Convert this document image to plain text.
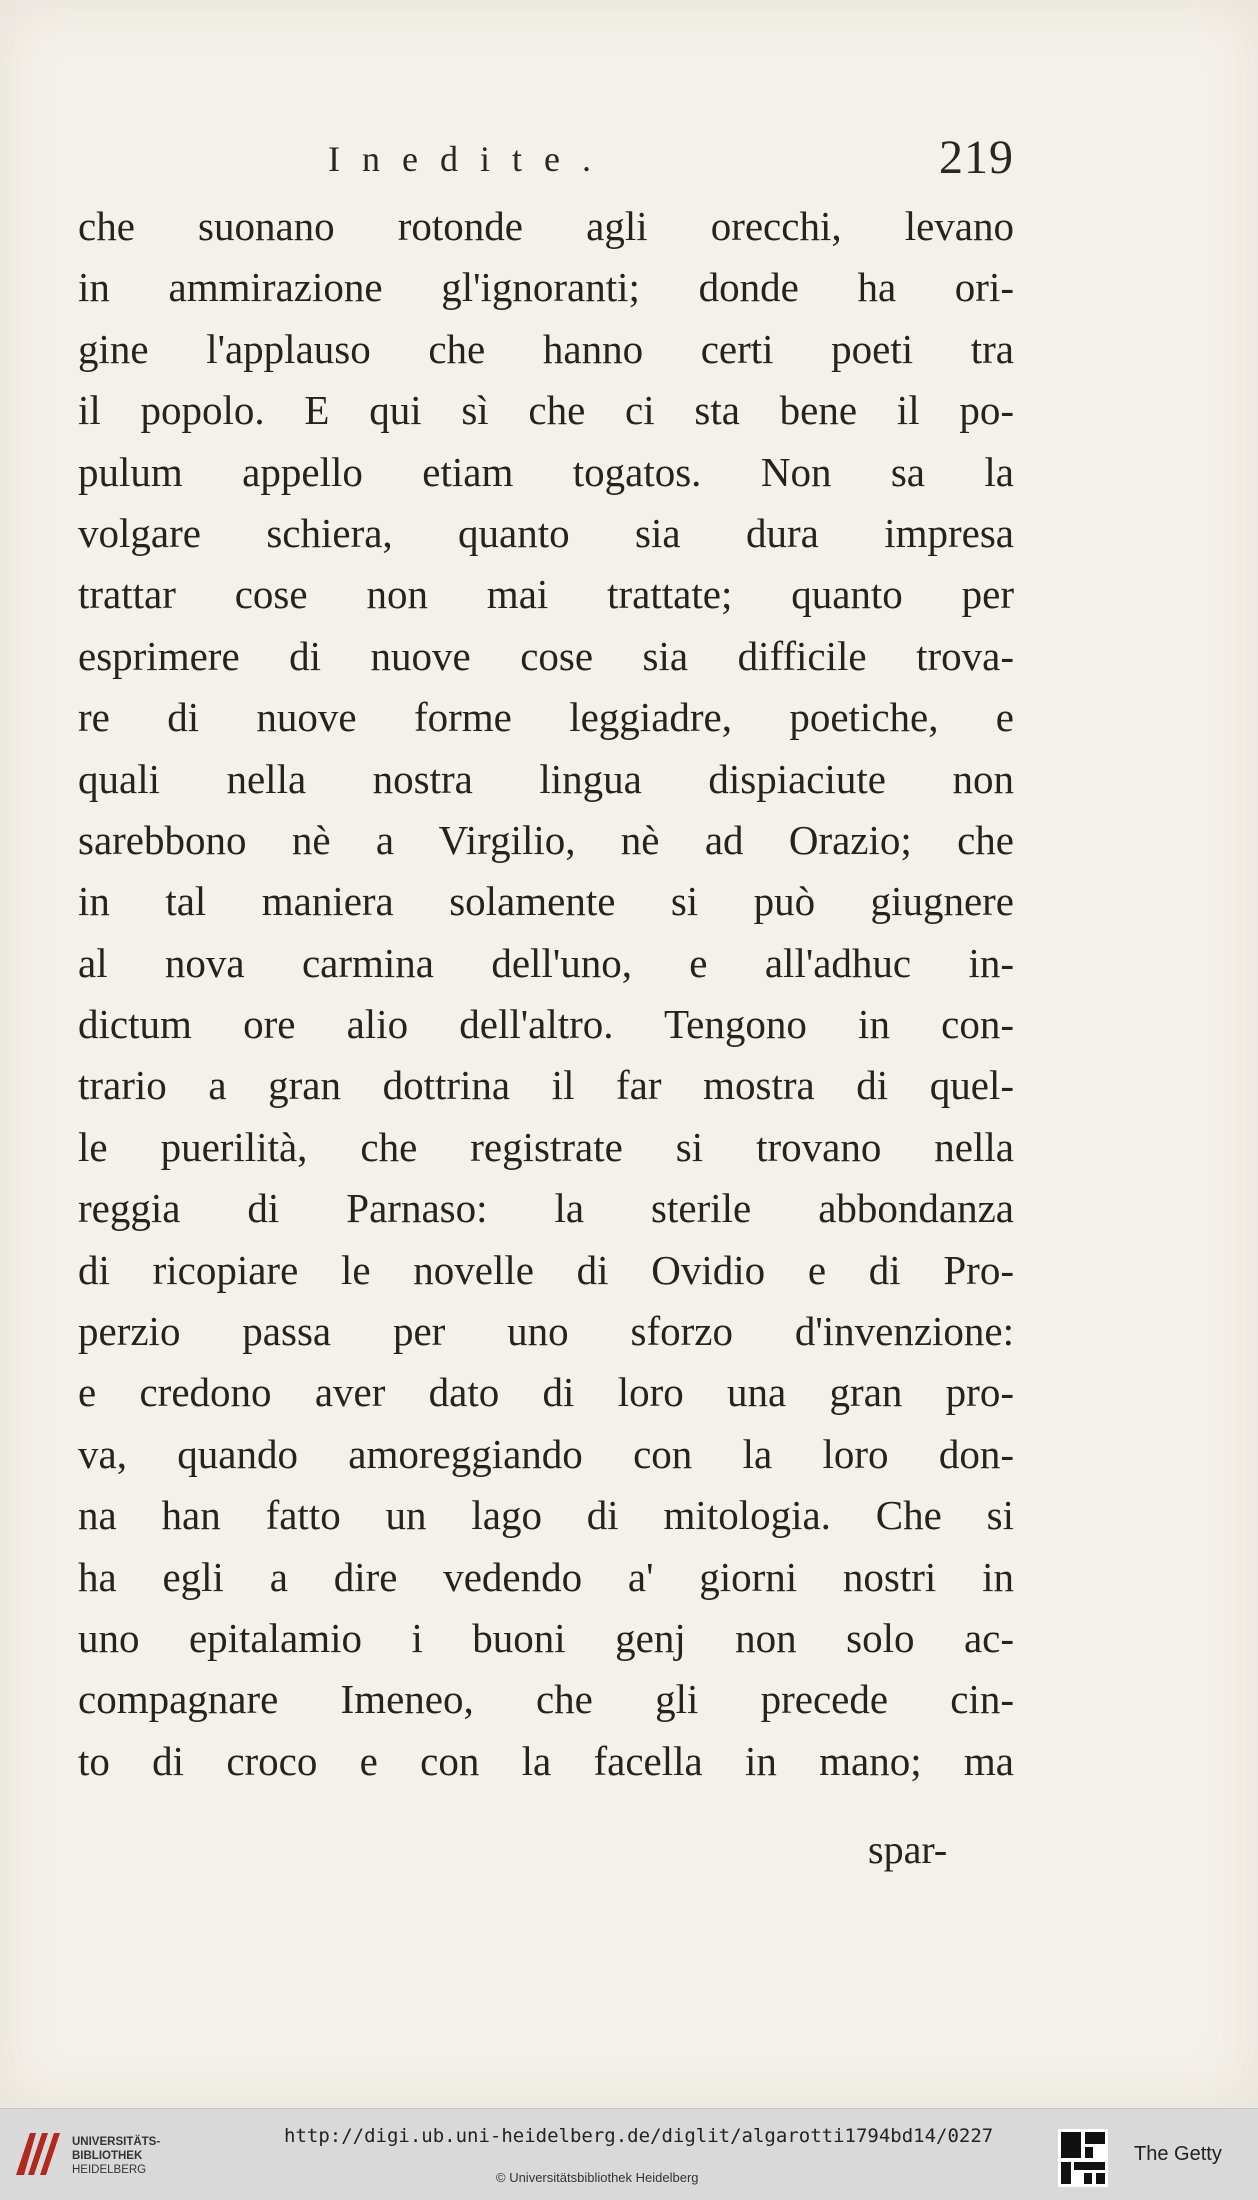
Inedite.	219
che suonano rotonde agli orecchi, levano
in ammirazione gl'ignoranti; donde ha ori-
gine l'applauso che hanno certi poeti tra
il popolo. E qui sì che ci sta bene il po-
pulum appello etiam togatos. Non sa la
volgare schiera, quanto sia dura impresa
trattar cose non mai trattate; quanto per
esprimere di nuove cose sia difficile trova-
re di nuove forme leggiadre, poetiche, e
quali nella nostra lingua dispiaciute non
sarebbono nè a Virgilio, nè ad Orazio; che
in tal maniera solamente si può giugnere
al nova carmina dell'uno, e all'adhuc in-
dictum ore alio dell'altro. Tengono in con-
trario a gran dottrina il far mostra di quel-
le puerilità, che registrate si trovano nella
reggia di Parnaso: la sterile abbondanza
di ricopiare le novelle di Ovidio e di Pro-
perzio passa per uno sforzo d'invenzione:
e credono aver dato di loro una gran pro-
va, quando amoreggiando con la loro don-
na han fatto un lago di mitologia. Che si
ha egli a dire vedendo a' giorni nostri in
uno epitalamio i buoni genj non solo ac-
compagnare Imeneo, che gli precede cin-
to di croco e con la facella in mano; ma
spar-
UNIVERSITÄTS-
BIBLIOTHEK
HEIDELBERG
http://digi.ub.uni-heidelberg.de/diglit/algarotti1794bd14/0227
© Universitätsbibliothek Heidelberg
The Getty
